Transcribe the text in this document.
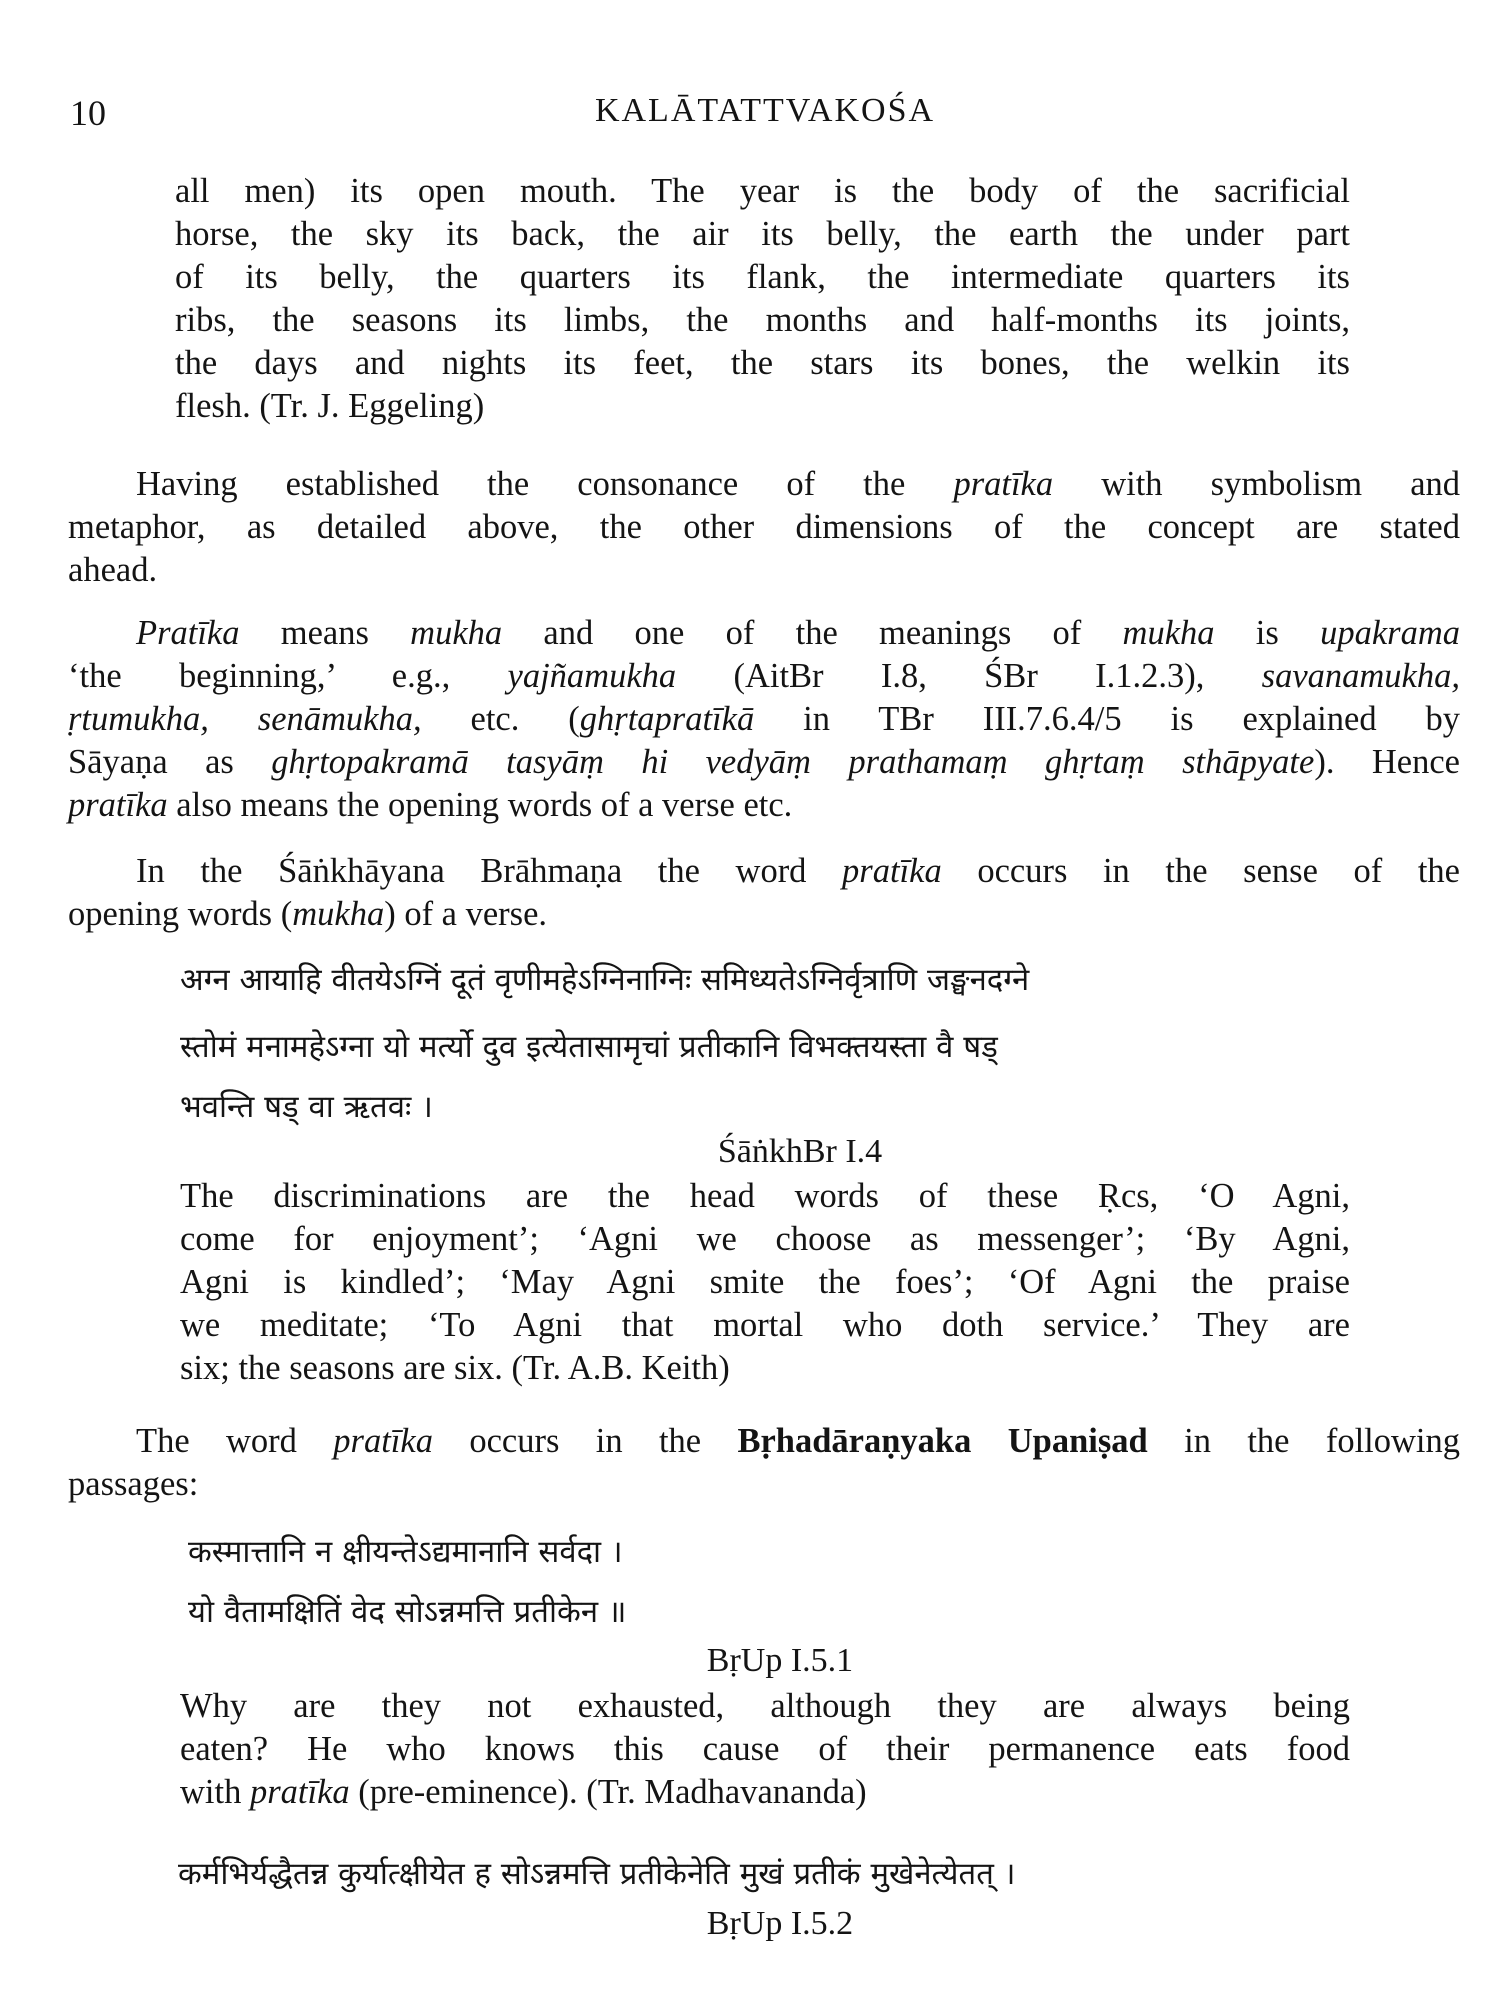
10	KALĀTATTVAKOŚA
all men) its open mouth. The year is the body of the sacrificial
horse, the sky its back, the air its belly, the earth the under part
of its belly, the quarters its flank, the intermediate quarters its
ribs, the seasons its limbs, the months and half-months its joints,
the days and nights its feet, the stars its bones, the welkin its
flesh. (Tr. J. Eggeling)
Having established the consonance of the pratīka with symbolism and
metaphor, as detailed above, the other dimensions of the concept are stated
ahead.
Pratīka means mukha and one of the meanings of mukha is upakrama
‘the beginning,’ e.g., yajñamukha (AitBr I.8, ŚBr I.1.2.3), savanamukha,
ṛtumukha, senāmukha, etc. (ghṛtapratīkā in TBr III.7.6.4/5 is explained by
Sāyaṇa as ghṛtopakramā tasyāṃ hi vedyāṃ prathamaṃ ghṛtaṃ sthāpyate). Hence
pratīka also means the opening words of a verse etc.
In the Śāṅkhāyana Brāhmaṇa the word pratīka occurs in the sense of the
opening words (mukha) of a verse.
अग्न आयाहि वीतयेऽग्निं दूतं वृणीमहेऽग्निनाग्निः समिध्यतेऽग्निर्वृत्राणि जङ्घनदग्ने
स्तोमं मनामहेऽग्ना यो मर्त्यो दुव इत्येतासामृचां प्रतीकानि विभक्तयस्ता वै षड्
भवन्ति षड् वा ऋतवः ।
ŚāṅkhBr I.4
The discriminations are the head words of these Ṛcs, ‘O Agni,
come for enjoyment’; ‘Agni we choose as messenger’; ‘By Agni,
Agni is kindled’; ‘May Agni smite the foes’; ‘Of Agni the praise
we meditate; ‘To Agni that mortal who doth service.’ They are
six; the seasons are six. (Tr. A.B. Keith)
The word pratīka occurs in the Bṛhadāraṇyaka Upaniṣad in the following
passages:
कस्मात्तानि न क्षीयन्तेऽद्यमानानि सर्वदा ।
यो वैतामक्षितिं वेद सोऽन्नमत्ति प्रतीकेन ॥
BṛUp I.5.1
Why are they not exhausted, although they are always being
eaten? He who knows this cause of their permanence eats food
with pratīka (pre-eminence). (Tr. Madhavananda)
कर्मभिर्यद्धैतन्न कुर्यात्क्षीयेत ह सोऽन्नमत्ति प्रतीकेनेति मुखं प्रतीकं मुखेनेत्येतत् ।
BṛUp I.5.2
